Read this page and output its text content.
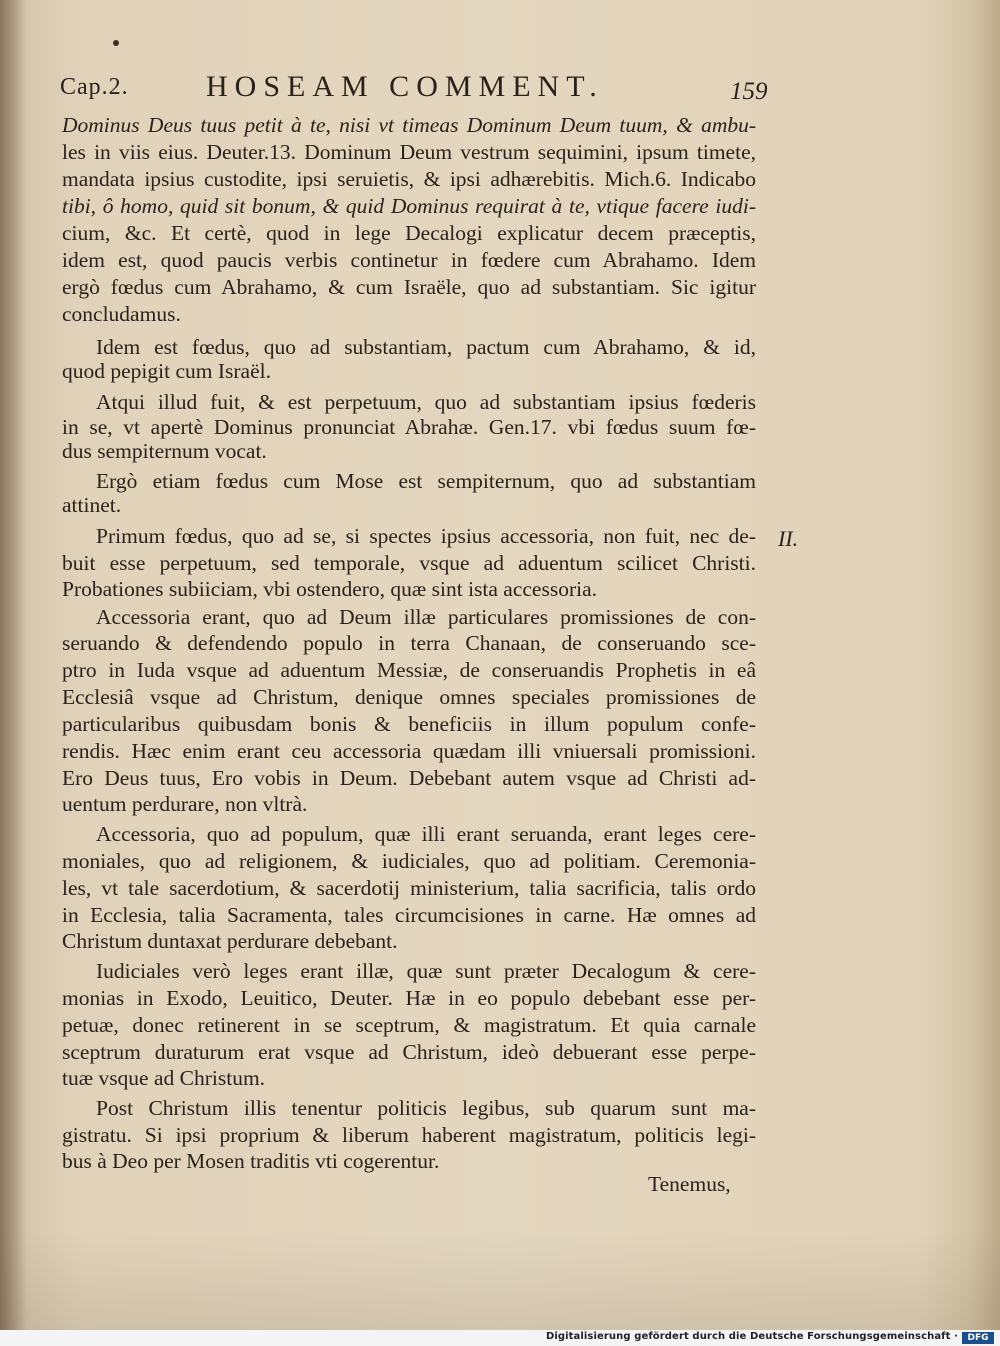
Cap.2.	HOSEAM COMMENT.	159

Dominus Deus tuus petit à te, nisi vt timeas Dominum Deum tuum, & ambu-

les in viis eius. Deuter.13. Dominum Deum vestrum sequimini, ipsum timete,

mandata ipsius custodite, ipsi seruietis, & ipsi adhærebitis. Mich.6. Indicabo

tibi, ô homo, quid sit bonum, & quid Dominus requirat à te, vtique facere iudi-

cium, &c. Et certè, quod in lege Decalogi explicatur decem præceptis,

idem est, quod paucis verbis continetur in fœdere cum Abrahamo. Idem

ergò fœdus cum Abrahamo, & cum Israële, quo ad substantiam. Sic igitur

concludamus.

Idem est fœdus, quo ad substantiam, pactum cum Abrahamo, & id,

quod pepigit cum Israël.

Atqui illud fuit, & est perpetuum, quo ad substantiam ipsius fœderis

in se, vt apertè Dominus pronunciat Abrahæ. Gen.17. vbi fœdus suum fœ-

dus sempiternum vocat.

Ergò etiam fœdus cum Mose est sempiternum, quo ad substantiam

attinet.

Primum fœdus, quo ad se, si spectes ipsius accessoria, non fuit, nec de- II.

buit esse perpetuum, sed temporale, vsque ad aduentum scilicet Christi.

Probationes subiiciam, vbi ostendero, quæ sint ista accessoria.

Accessoria erant, quo ad Deum illæ particulares promissiones de con-

seruando & defendendo populo in terra Chanaan, de conseruando sce-

ptro in Iuda vsque ad aduentum Messiæ, de conseruandis Prophetis in eâ

Ecclesiâ vsque ad Christum, denique omnes speciales promissiones de

particularibus quibusdam bonis & beneficiis in illum populum confe-

rendis. Hæc enim erant ceu accessoria quædam illi vniuersali promissioni.

Ero Deus tuus, Ero vobis in Deum. Debebant autem vsque ad Christi ad-

uentum perdurare, non vltrà.

Accessoria, quo ad populum, quæ illi erant seruanda, erant leges cere-

moniales, quo ad religionem, & iudiciales, quo ad politiam. Ceremonia-

les, vt tale sacerdotium, & sacerdotij ministerium, talia sacrificia, talis ordo

in Ecclesia, talia Sacramenta, tales circumcisiones in carne. Hæ omnes ad

Christum duntaxat perdurare debebant.

Iudiciales verò leges erant illæ, quæ sunt præter Decalogum & cere-

monias in Exodo, Leuitico, Deuter. Hæ in eo populo debebant esse per-

petuæ, donec retinerent in se sceptrum, & magistratum. Et quia carnale

sceptrum duraturum erat vsque ad Christum, ideò debuerant esse perpe-

tuæ vsque ad Christum.

Post Christum illis tenentur politicis legibus, sub quarum sunt ma-

gistratu. Si ipsi proprium & liberum haberent magistratum, politicis legi-

bus à Deo per Mosen traditis vti cogerentur.

Tenemus,
Digitalisierung gefördert durch die Deutsche Forschungsgemeinschaft ·	DFG
